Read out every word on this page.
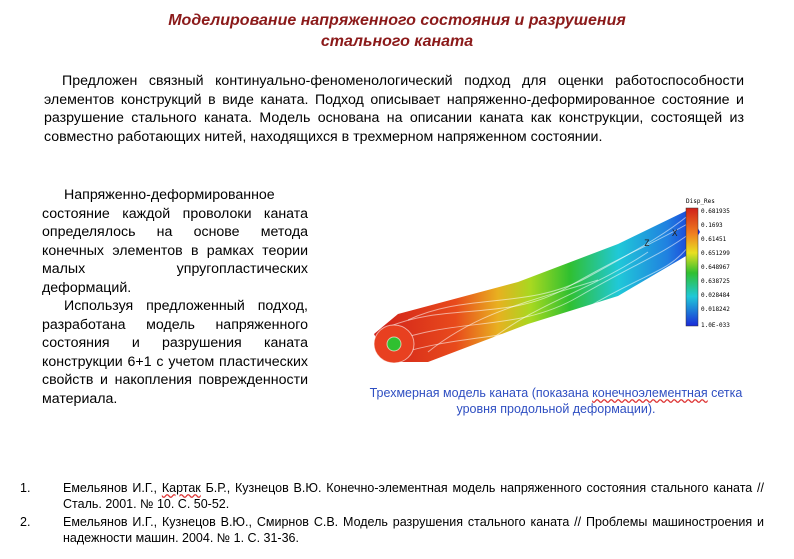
Моделирование напряженного состояния и разрушения
стального каната
Предложен связный континуально-феноменологический подход для оценки работоспособности элементов конструкций в виде каната. Подход описывает напряженно-деформированное состояние и разрушение стального каната. Модель основана на описании каната как конструкции, состоящей из совместно работающих нитей, находящихся в трехмерном напряженном состоянии.

Напряженно-деформированное состояние каждой проволоки каната определялось на основе метода конечных элементов в рамках теории малых упругопластических деформаций.

Используя предложенный подход, разработана модель напряженного состояния и разрушения каната конструкции 6+1 с учетом пластических свойств и накопления поврежденности материала.

Z
X
Disp_Res
0.681935
0.1693
0.61451
0.651299
0.648967
0.638725
0.028484
0.018242
1.0E-033
Трехмерная модель каната (показана конечноэлементная сетка уровня продольной деформации).
1.	Емельянов И.Г., Картак Б.Р., Кузнецов В.Ю. Конечно-элементная модель напряженного состояния стального каната // Сталь. 2001. № 10. С. 50-52.
2.	Емельянов И.Г., Кузнецов В.Ю., Смирнов С.В. Модель разрушения стального каната // Проблемы машиностроения и надежности машин. 2004. № 1. С. 31-36.
